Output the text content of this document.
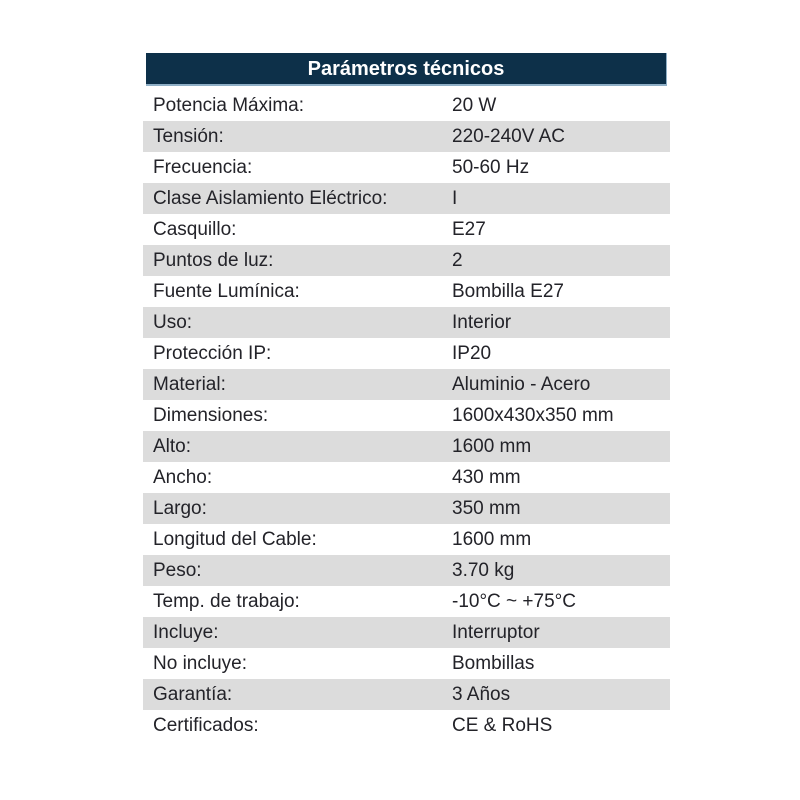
Parámetros técnicos
Potencia Máxima:	20 W
Tensión:	220-240V AC
Frecuencia:	50-60 Hz
Clase Aislamiento Eléctrico:	I
Casquillo:	E27
Puntos de luz:	2
Fuente Lumínica:	Bombilla E27
Uso:	Interior
Protección IP:	IP20
Material:	Aluminio - Acero
Dimensiones:	1600x430x350 mm
Alto:	1600 mm
Ancho:	430 mm
Largo:	350 mm
Longitud del Cable:	1600 mm
Peso:	3.70 kg
Temp. de trabajo:	-10°C ~ +75°C
Incluye:	Interruptor
No incluye:	Bombillas
Garantía:	3 Años
Certificados:	CE & RoHS
